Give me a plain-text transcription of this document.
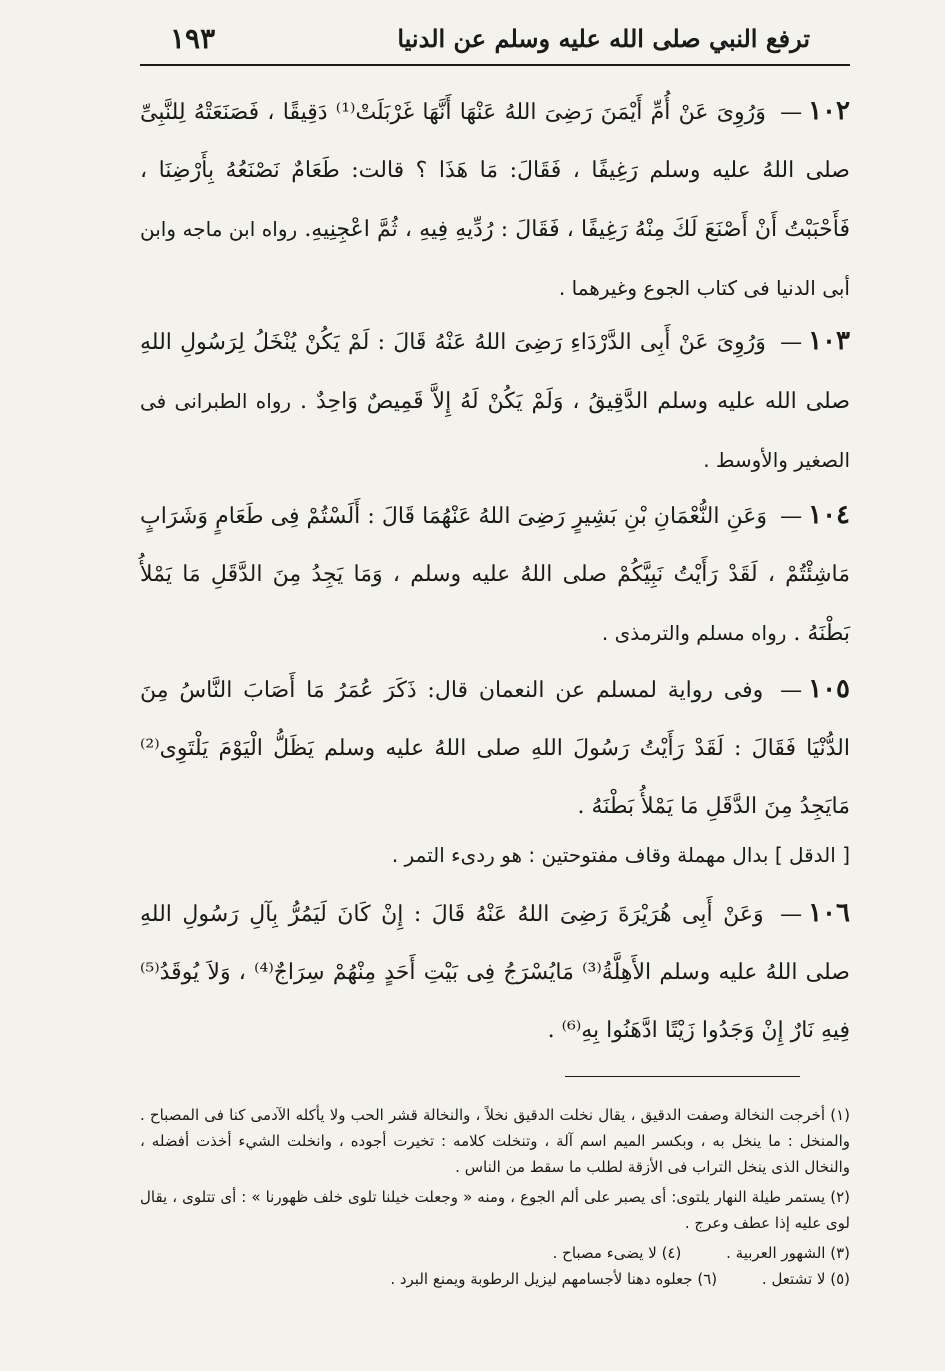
١٩٣	ترفع النبي صلى الله عليه وسلم عن الدنيا
١٠٢— وَرُوِىَ عَنْ أُمِّ أَيْمَنَ رَضِىَ اللهُ عَنْهَا أَنَّهَا غَرْبَلَتْ⁽¹⁾ دَقِيقًا ، فَصَنَعَتْهُ لِلنَّبِىِّ صلى اللهُ عليه وسلم رَغِيفًا ، فَقَالَ: مَا هَذَا ؟ قالت: طَعَامٌ نَصْنَعُهُ بِأَرْضِنَا ، فَأَحْبَبْتُ أَنْ أَصْنَعَ لَكَ مِنْهُ رَغِيفًا ، فَقَالَ : رُدِّيهِ فِيهِ ، ثُمَّ اعْجِنِيهِ. رواه ابن ماجه وابن أبى الدنيا فى كتاب الجوع وغيرهما .
١٠٣— وَرُوِىَ عَنْ أَبِى الدَّرْدَاءِ رَضِىَ اللهُ عَنْهُ قَالَ : لَمْ يَكُنْ يُنْخَلُ لِرَسُولِ اللهِ صلى الله عليه وسلم الدَّقِيقُ ، وَلَمْ يَكُنْ لَهُ إِلاَّ قَمِيصٌ وَاحِدٌ . رواه الطبرانى فى الصغير والأوسط .
١٠٤— وَعَنِ النُّعْمَانِ بْنِ بَشِيرٍ رَضِىَ اللهُ عَنْهُمَا قَالَ : أَلَسْتُمْ فِى طَعَامٍ وَشَرَابٍ مَاشِئْتُمْ ، لَقَدْ رَأَيْتُ نَبِيَّكُمْ صلى اللهُ عليه وسلم ، وَمَا يَجِدُ مِنَ الدَّقَلِ مَا يَمْلأُ بَطْنَهُ . رواه مسلم والترمذى .
١٠٥— وفى رواية لمسلم عن النعمان قال: ذَكَرَ عُمَرُ مَا أَصَابَ النَّاسُ مِنَ الدُّنْيَا فَقَالَ : لَقَدْ رَأَيْتُ رَسُولَ اللهِ صلى اللهُ عليه وسلم يَظَلُّ الْيَوْمَ يَلْتَوِى⁽²⁾ مَايَجِدُ مِنَ الدَّقَلِ مَا يَمْلأُ بَطْنَهُ .
[ الدقل ] بدال مهملة وقاف مفتوحتين : هو ردىء التمر .
١٠٦— وَعَنْ أَبِى هُرَيْرَةَ رَضِىَ اللهُ عَنْهُ قَالَ : إِنْ كَانَ لَيَمُرُّ بِآلِ رَسُولِ اللهِ صلى اللهُ عليه وسلم الأَهِلَّةُ⁽³⁾ مَايُسْرَجُ فِى بَيْتِ أَحَدٍ مِنْهُمْ سِرَاجٌ⁽⁴⁾ ، وَلاَ يُوقَدُ⁽⁵⁾ فِيهِ نَارٌ إِنْ وَجَدُوا زَيْتًا ادَّهَنُوا بِهِ⁽⁶⁾ .

(١) أخرجت النخالة وصفت الدقيق ، يقال نخلت الدقيق نخلاً ، والنخالة قشر الحب ولا يأكله الآدمى كنا فى المصباح . والمنخل : ما ينخل به ، وبكسر الميم اسم آلة ، وتنخلت كلامه : تخيرت أجوده ، وانخلت الشيء أخذت أفضله ، والنخال الذى ينخل التراب فى الأزقة لطلب ما سقط من الناس .

(٢) يستمر طيلة النهار يلتوى: أى يصبر على ألم الجوع ، ومنه « وجعلت خيلنا تلوى خلف ظهورنا » : أى تتلوى ، يقال لوى عليه إذا عطف وعرج .

(٣) الشهور العربية . (٤) لا يضىء مصباح .
(٥) لا تشتعل . (٦) جعلوه دهنا لأجسامهم ليزيل الرطوبة ويمنع البرد .
